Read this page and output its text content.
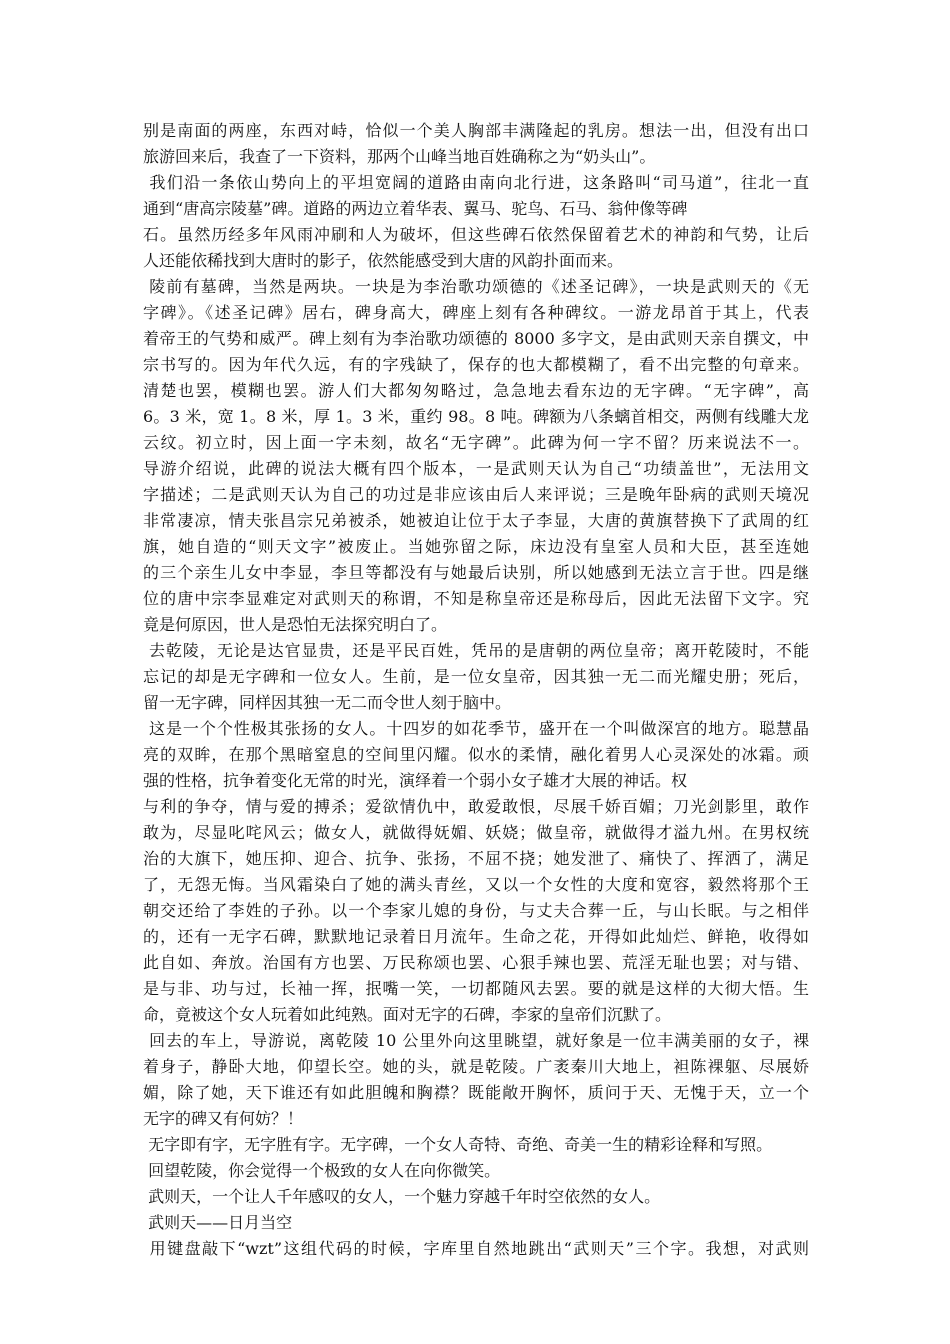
别是南面的两座，东西对峙，恰似一个美人胸部丰满隆起的乳房。想法一出，但没有出口
旅游回来后，我查了一下资料，那两个山峰当地百姓确称之为“奶头山”。
我们沿一条依山势向上的平坦宽阔的道路由南向北行进，这条路叫“司马道”，往北一直
通到“唐高宗陵墓”碑。道路的两边立着华表、翼马、驼鸟、石马、翁仲像等碑
石。虽然历经多年风雨冲刷和人为破坏，但这些碑石依然保留着艺术的神韵和气势，让后
人还能依稀找到大唐时的影子，依然能感受到大唐的风韵扑面而来。
陵前有墓碑，当然是两块。一块是为李治歌功颂德的《述圣记碑》，一块是武则天的《无
字碑》。《述圣记碑》居右，碑身高大，碑座上刻有各种碑纹。一游龙昂首于其上，代表
着帝王的气势和威严。碑上刻有为李治歌功颂德的 8000 多字文，是由武则天亲自撰文，中
宗书写的。因为年代久远，有的字残缺了，保存的也大都模糊了，看不出完整的句章来。
清楚也罢，模糊也罢。游人们大都匆匆略过，急急地去看东边的无字碑。“无字碑”，高
6。3 米，宽 1。8 米，厚 1。3 米，重约 98。8 吨。碑额为八条螭首相交，两侧有线雕大龙
云纹。初立时，因上面一字未刻，故名“无字碑”。此碑为何一字不留？历来说法不一。
导游介绍说，此碑的说法大概有四个版本，一是武则天认为自己“功绩盖世”，无法用文
字描述；二是武则天认为自己的功过是非应该由后人来评说；三是晚年卧病的武则天境况
非常凄凉，情夫张昌宗兄弟被杀，她被迫让位于太子李显，大唐的黄旗替换下了武周的红
旗，她自造的“则天文字”被废止。当她弥留之际，床边没有皇室人员和大臣，甚至连她
的三个亲生儿女中李显，李旦等都没有与她最后诀别，所以她感到无法立言于世。四是继
位的唐中宗李显难定对武则天的称谓，不知是称皇帝还是称母后，因此无法留下文字。究
竟是何原因，世人是恐怕无法探究明白了。
去乾陵，无论是达官显贵，还是平民百姓，凭吊的是唐朝的两位皇帝；离开乾陵时，不能
忘记的却是无字碑和一位女人。生前，是一位女皇帝，因其独一无二而光耀史册；死后，
留一无字碑，同样因其独一无二而令世人刻于脑中。
这是一个个性极其张扬的女人。十四岁的如花季节，盛开在一个叫做深宫的地方。聪慧晶
亮的双眸，在那个黑暗窒息的空间里闪耀。似水的柔情，融化着男人心灵深处的冰霜。顽
强的性格，抗争着变化无常的时光，演绎着一个弱小女子雄才大展的神话。权
与利的争夺，情与爱的搏杀；爱欲情仇中，敢爱敢恨，尽展千娇百媚；刀光剑影里，敢作
敢为，尽显叱咤风云；做女人，就做得妩媚、妖娆；做皇帝，就做得才溢九州。在男权统
治的大旗下，她压抑、迎合、抗争、张扬，不屈不挠；她发泄了、痛快了、挥洒了，满足
了，无怨无悔。当风霜染白了她的满头青丝，又以一个女性的大度和宽容，毅然将那个王
朝交还给了李姓的子孙。以一个李家儿媳的身份，与丈夫合葬一丘，与山长眠。与之相伴
的，还有一无字石碑，默默地记录着日月流年。生命之花，开得如此灿烂、鲜艳，收得如
此自如、奔放。治国有方也罢、万民称颂也罢、心狠手辣也罢、荒淫无耻也罢；对与错、
是与非、功与过，长袖一挥，抿嘴一笑，一切都随风去罢。要的就是这样的大彻大悟。生
命，竟被这个女人玩着如此纯熟。面对无字的石碑，李家的皇帝们沉默了。
回去的车上，导游说，离乾陵 10 公里外向这里眺望，就好象是一位丰满美丽的女子，裸
着身子，静卧大地，仰望长空。她的头，就是乾陵。广袤秦川大地上，袒陈裸躯、尽展娇
媚，除了她，天下谁还有如此胆魄和胸襟？既能敞开胸怀，质问于天、无愧于天，立一个
无字的碑又有何妨？！
无字即有字，无字胜有字。无字碑，一个女人奇特、奇绝、奇美一生的精彩诠释和写照。
回望乾陵，你会觉得一个极致的女人在向你微笑。
武则天，一个让人千年感叹的女人，一个魅力穿越千年时空依然的女人。
武则天——日月当空
用键盘敲下“wzt”这组代码的时候，字库里自然地跳出“武则天”三个字。我想，对武则
